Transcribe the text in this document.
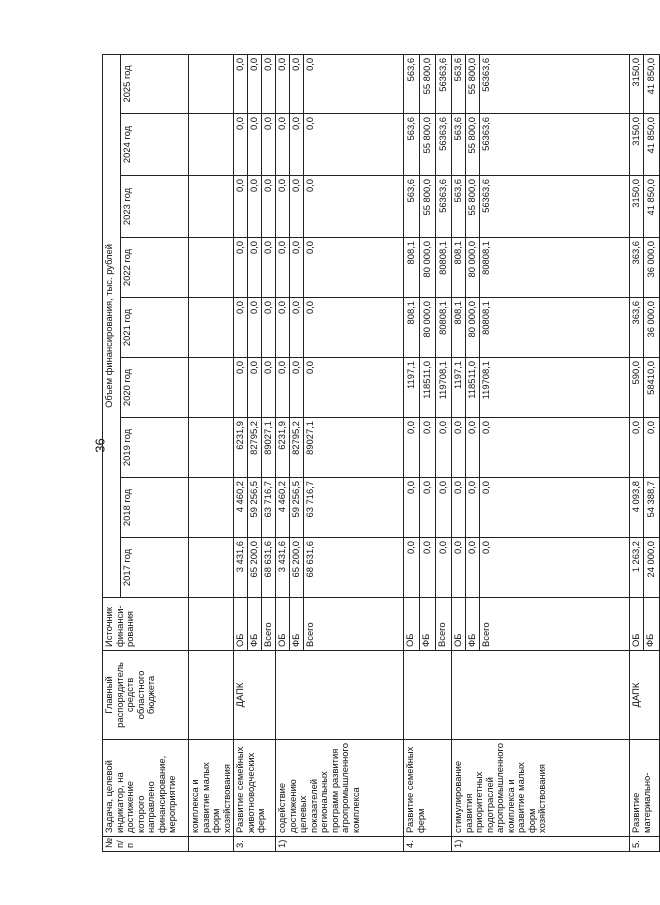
36
№ п/п	Задача, целевой индикатор, на достижение которого направлено финансирование, мероприятие	Главный распорядитель средств областного бюджета	Источник финанси-рования	Объем финансирования, тыс. рублей								
				2017 год	2018 год	2019 год	2020 год	2021 год	2022 год	2023 год	2024 год	2025 год
	комплекса и развитие малых форм хозяйствования											
3.	Развитие семейных животноводческих ферм	ДАПК	ОБ	3 431,6	4 460,2	6231,9	0,0	0,0	0,0	0,0	0,0	0,0
			ФБ	65 200,0	59 256,5	82795,2	0,0	0,0	0,0	0,0	0,0	0,0
			Всего	68 631,6	63 716,7	89027,1	0,0	0,0	0,0	0,0	0,0	0,0
1)	содействие достижению целевых показателей региональных программ развития агропромышленного комплекса		ОБ	3 431,6	4 460,2	6231,9	0,0	0,0	0,0	0,0	0,0	0,0
			ФБ	65 200,0	59 256,5	82795,2	0,0	0,0	0,0	0,0	0,0	0,0
			Всего	68 631,6	63 716,7	89027,1	0,0	0,0	0,0	0,0	0,0	0,0
4.	Развитие семейных ферм		ОБ	0,0	0,0	0,0	1197,1	808,1	808,1	563,6	563,6	563,6
			ФБ	0,0	0,0	0,0	118511,0	80 000,0	80 000,0	55 800,0	55 800,0	55 800,0
			Всего	0,0	0,0	0,0	119708,1	80808,1	80808,1	56363,6	56363,6	56363,6
1)	стимулирование развития приоритетных подотраслей агропромышленного комплекса и развитие малых форм хозяйствования		ОБ	0,0	0,0	0,0	1197,1	808,1	808,1	563,6	563,6	563,6
			ФБ	0,0	0,0	0,0	118511,0	80 000,0	80 000,0	55 800,0	55 800,0	55 800,0
			Всего	0,0	0,0	0,0	119708,1	80808,1	80808,1	56363,6	56363,6	56363,6
5.	Развитие материально-	ДАПК	ОБ	1 263,2	4 093,8	0,0	590,0	363,6	363,6	3150,0	3150,0	3150,0
			ФБ	24 000,0	54 388,7	0,0	58410,0	36 000,0	36 000,0	41 850,0	41 850,0	41 850,0
